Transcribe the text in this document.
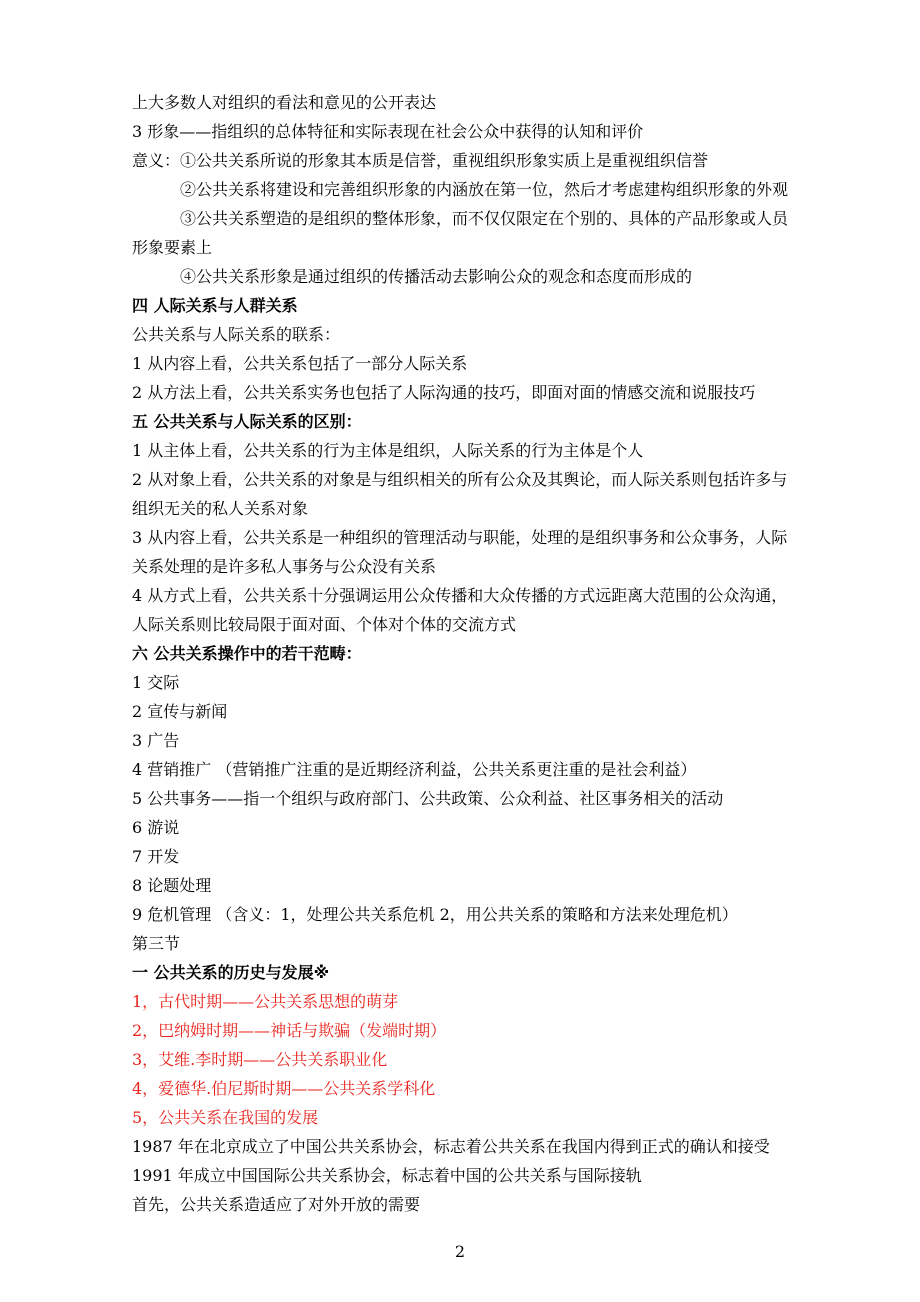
上大多数人对组织的看法和意见的公开表达
3 形象——指组织的总体特征和实际表现在社会公众中获得的认知和评价
意义：①公共关系所说的形象其本质是信誉，重视组织形象实质上是重视组织信誉
②公共关系将建设和完善组织形象的内涵放在第一位，然后才考虑建构组织形象的外观
③公共关系塑造的是组织的整体形象，而不仅仅限定在个别的、具体的产品形象或人员
形象要素上
④公共关系形象是通过组织的传播活动去影响公众的观念和态度而形成的
四 人际关系与人群关系
公共关系与人际关系的联系：
1 从内容上看，公共关系包括了一部分人际关系
2 从方法上看，公共关系实务也包括了人际沟通的技巧，即面对面的情感交流和说服技巧
五 公共关系与人际关系的区别：
1 从主体上看，公共关系的行为主体是组织，人际关系的行为主体是个人
2 从对象上看，公共关系的对象是与组织相关的所有公众及其舆论，而人际关系则包括许多与
组织无关的私人关系对象
3 从内容上看，公共关系是一种组织的管理活动与职能，处理的是组织事务和公众事务，人际
关系处理的是许多私人事务与公众没有关系
4 从方式上看，公共关系十分强调运用公众传播和大众传播的方式远距离大范围的公众沟通，
人际关系则比较局限于面对面、个体对个体的交流方式
六 公共关系操作中的若干范畴：
1 交际
2 宣传与新闻
3 广告
4 营销推广 （营销推广注重的是近期经济利益，公共关系更注重的是社会利益）
5 公共事务——指一个组织与政府部门、公共政策、公众利益、社区事务相关的活动
6 游说
7 开发
8 论题处理
9 危机管理 （含义：1，处理公共关系危机 2，用公共关系的策略和方法来处理危机）
第三节
一 公共关系的历史与发展※
1，古代时期——公共关系思想的萌芽
2，巴纳姆时期——神话与欺骗（发端时期）
3，艾维.李时期——公共关系职业化
4，爱德华.伯尼斯时期——公共关系学科化
5，公共关系在我国的发展
1987 年在北京成立了中国公共关系协会，标志着公共关系在我国内得到正式的确认和接受
1991 年成立中国国际公共关系协会，标志着中国的公共关系与国际接轨
首先，公共关系造适应了对外开放的需要
2
